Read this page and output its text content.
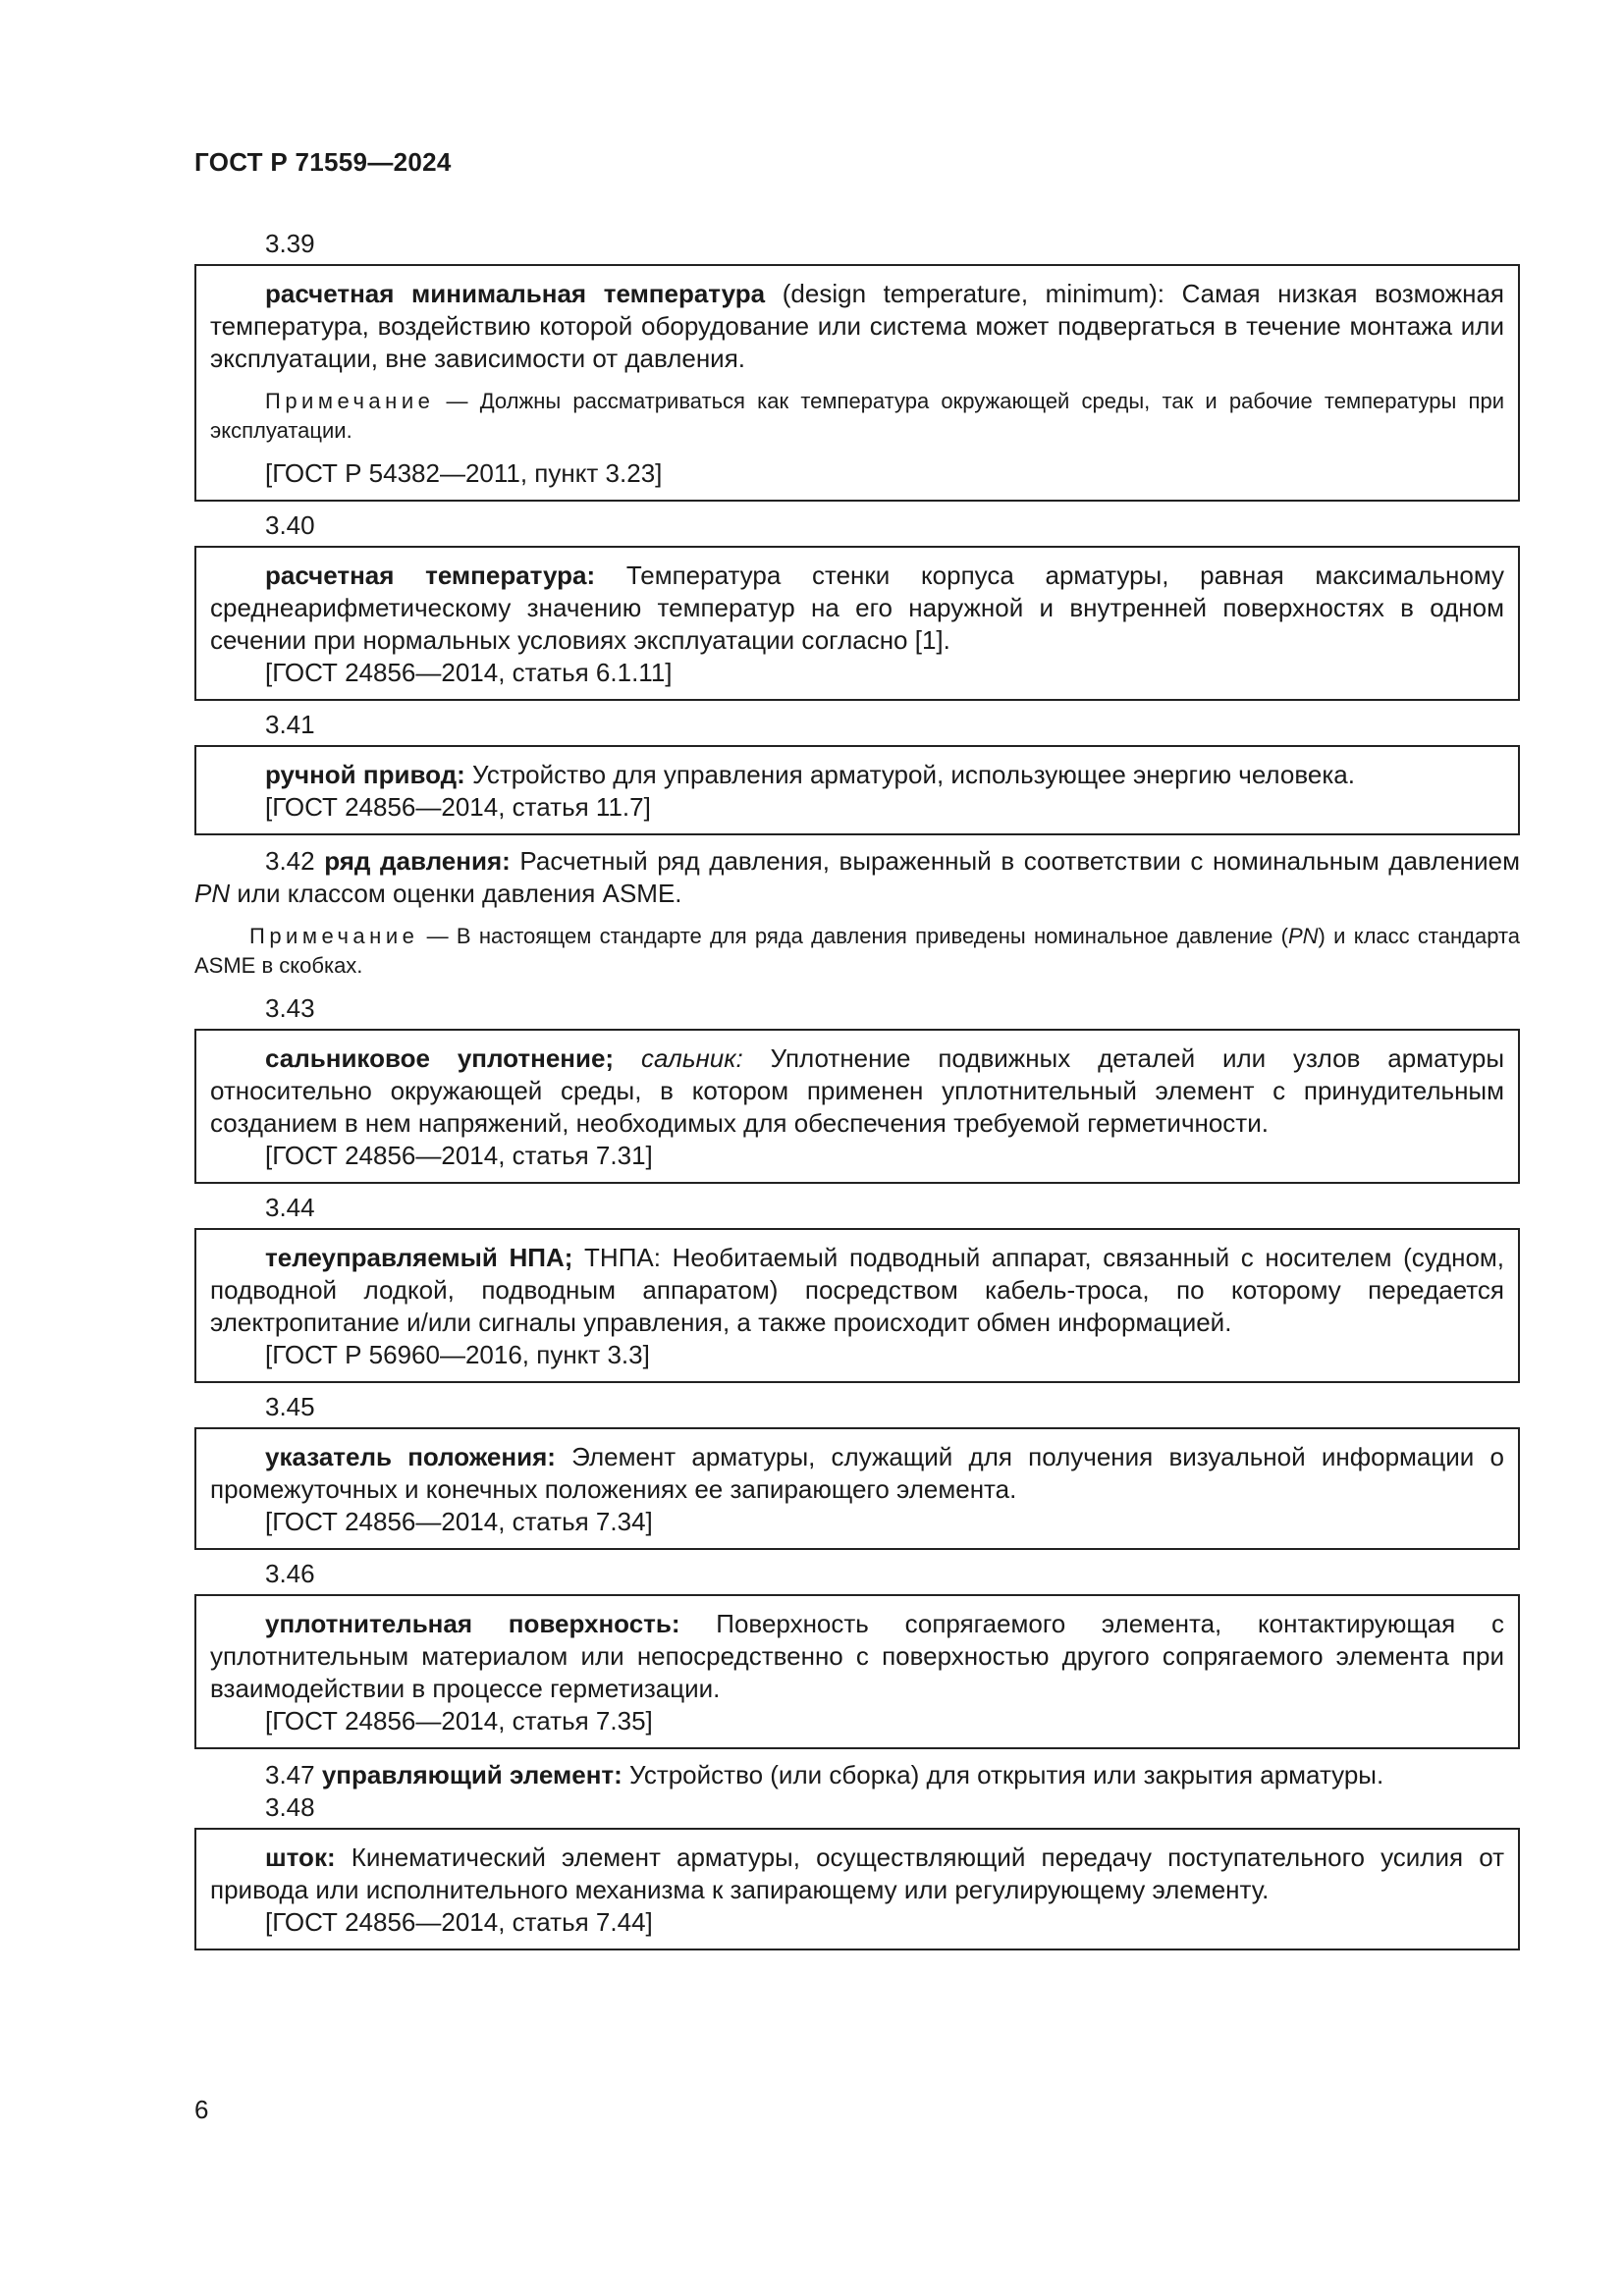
ГОСТ Р 71559—2024
3.39

расчетная минимальная температура (design temperature, minimum): Самая низкая возможная температура, воздействию которой оборудование или система может подвергаться в течение монтажа или эксплуатации, вне зависимости от давления.

Примечание — Должны рассматриваться как температура окружающей среды, так и рабочие температуры при эксплуатации.

[ГОСТ Р 54382—2011, пункт 3.23]

3.40

расчетная температура: Температура стенки корпуса арматуры, равная максимальному среднеарифметическому значению температур на его наружной и внутренней поверхностях в одном сечении при нормальных условиях эксплуатации согласно [1].

[ГОСТ 24856—2014, статья 6.1.11]

3.41

ручной привод: Устройство для управления арматурой, использующее энергию человека.

[ГОСТ 24856—2014, статья 11.7]

3.42 ряд давления: Расчетный ряд давления, выраженный в соответствии с номинальным давлением PN или классом оценки давления ASME.

Примечание — В настоящем стандарте для ряда давления приведены номинальное давление (PN) и класс стандарта ASME в скобках.
3.43

сальниковое уплотнение; сальник: Уплотнение подвижных деталей или узлов арматуры относительно окружающей среды, в котором применен уплотнительный элемент с принудительным созданием в нем напряжений, необходимых для обеспечения требуемой герметичности.

[ГОСТ 24856—2014, статья 7.31]

3.44

телеуправляемый НПА; ТНПА: Необитаемый подводный аппарат, связанный с носителем (судном, подводной лодкой, подводным аппаратом) посредством кабель-троса, по которому передается электропитание и/или сигналы управления, а также происходит обмен информацией.

[ГОСТ Р 56960—2016, пункт 3.3]

3.45

указатель положения: Элемент арматуры, служащий для получения визуальной информации о промежуточных и конечных положениях ее запирающего элемента.

[ГОСТ 24856—2014, статья 7.34]

3.46

уплотнительная поверхность: Поверхность сопрягаемого элемента, контактирующая с уплотнительным материалом или непосредственно с поверхностью другого сопрягаемого элемента при взаимодействии в процессе герметизации.

[ГОСТ 24856—2014, статья 7.35]

3.47 управляющий элемент: Устройство (или сборка) для открытия или закрытия арматуры.

3.48

шток: Кинематический элемент арматуры, осуществляющий передачу поступательного усилия от привода или исполнительного механизма к запирающему или регулирующему элементу.

[ГОСТ 24856—2014, статья 7.44]

6
